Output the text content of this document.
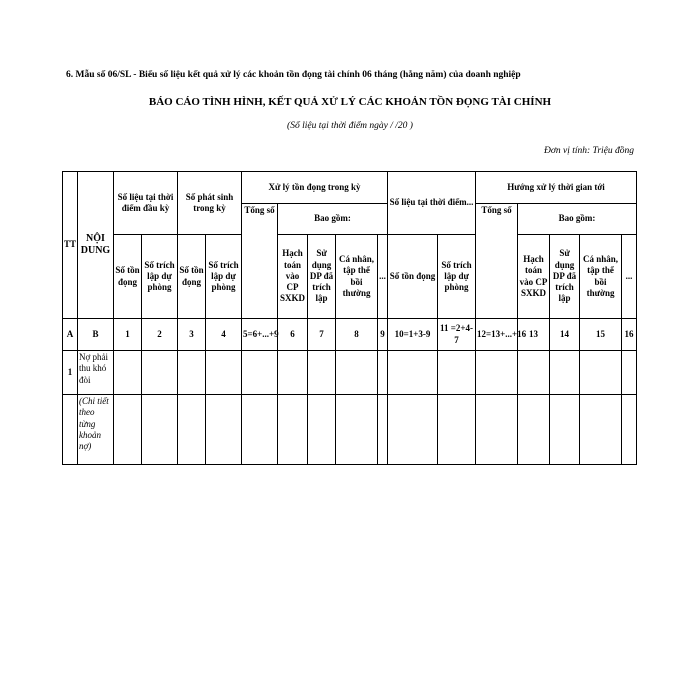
6. Mẫu số 06/SL - Biểu số liệu kết quả xử lý các khoản tồn đọng tài chính 06 tháng (hằng năm) của doanh nghiệp
BÁO CÁO TÌNH HÌNH, KẾT QUẢ XỬ LÝ CÁC KHOẢN TỒN ĐỌNG TÀI CHÍNH
(Số liệu tại thời điểm ngày / /20 )
Đơn vị tính: Triệu đồng
TT	NỘI DUNG	Số liệu tại thời điểm đầu kỳ		Số phát sinh trong kỳ		Xử lý tồn đọng trong kỳ					Số liệu tại thời điểm...		Hướng xử lý thời gian tới				
						Tổng số	Bao gồm:						Tổng số	Bao gồm:			
		Số tồn đọng	Số trích lập dự phòng	Số tồn đọng	Số trích lập dự phòng		Hạch toán vào CP SXKD	Sử dụng DP đã trích lập	Cá nhân, tập thể bồi thường	...	Số tồn đọng	Số trích lập dự phòng		Hạch toán vào CP SXKD	Sử dụng DP đã trích lập	Cá nhân, tập thể bồi thường	...
A	B	1	2	3	4	5=6+...+9	6	7	8	9	10=1+3-9	11 =2+4-7	12=13+...+16	13	14	15	16
1	Nợ phải thu khó đòi																
	(Chi tiết theo từng khoản nợ)																
